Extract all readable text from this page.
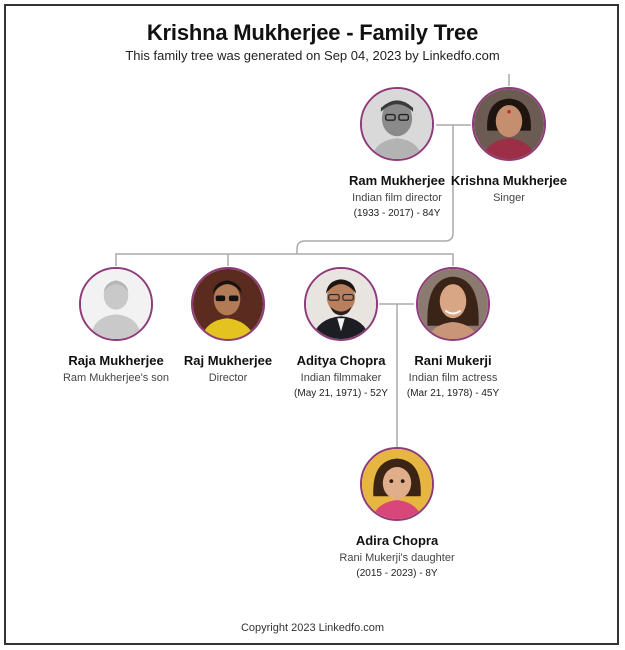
Krishna Mukherjee - Family Tree
This family tree was generated on Sep 04, 2023 by Linkedfo.com
Ram Mukherjee
Indian film director
(1933 - 2017) - 84Y
Krishna Mukherjee
Singer
Raja Mukherjee
Ram Mukherjee's son
Raj Mukherjee
Director
Aditya Chopra
Indian filmmaker
(May 21, 1971) - 52Y
Rani Mukerji
Indian film actress
(Mar 21, 1978) - 45Y
Adira Chopra
Rani Mukerji's daughter
(2015 - 2023) - 8Y
Copyright 2023 Linkedfo.com
